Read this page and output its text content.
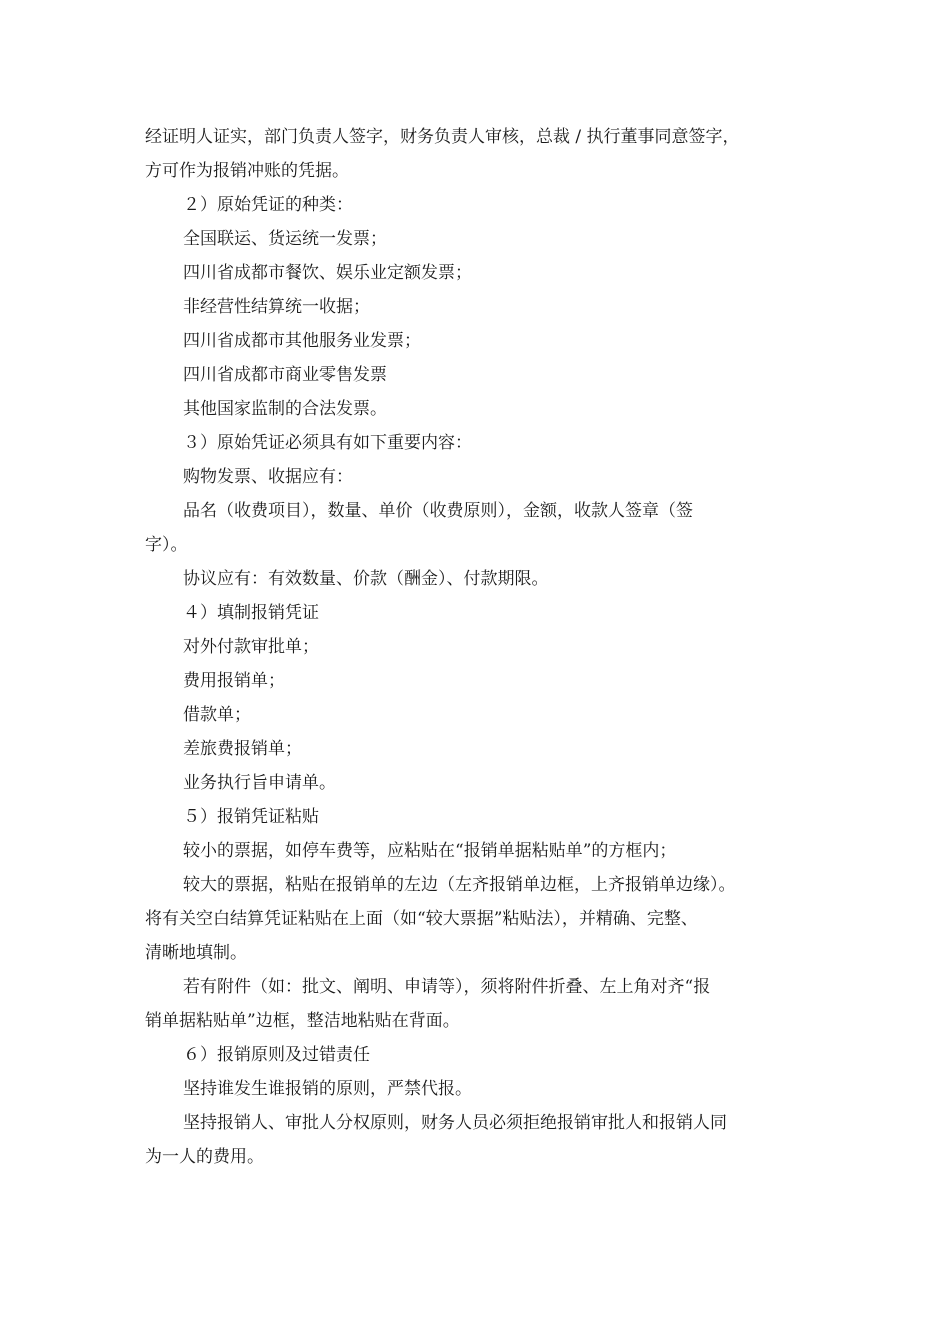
经证明人证实，部门负责人签字，财务负责人审核，总裁 / 执行董事同意签字，

方可作为报销冲账的凭据。

２）原始凭证的种类：

全国联运、货运统一发票；

四川省成都市餐饮、娱乐业定额发票；

非经营性结算统一收据；

四川省成都市其他服务业发票；

四川省成都市商业零售发票

其他国家监制的合法发票。

３）原始凭证必须具有如下重要内容：

购物发票、收据应有：

品名（收费项目），数量、单价（收费原则），金额，收款人签章（签

字）。

协议应有：有效数量、价款（酬金）、付款期限。

４）填制报销凭证

对外付款审批单；

费用报销单；

借款单；

差旅费报销单；

业务执行旨申请单。

５）报销凭证粘贴

较小的票据，如停车费等，应粘贴在“报销单据粘贴单”的方框内；

较大的票据，粘贴在报销单的左边（左齐报销单边框，上齐报销单边缘）。

将有关空白结算凭证粘贴在上面（如“较大票据”粘贴法），并精确、完整、

清晰地填制。

若有附件（如：批文、阐明、申请等），须将附件折叠、左上角对齐“报

销单据粘贴单”边框，整洁地粘贴在背面。

６）报销原则及过错责任

坚持谁发生谁报销的原则，严禁代报。

坚持报销人、审批人分权原则，财务人员必须拒绝报销审批人和报销人同

为一人的费用。
